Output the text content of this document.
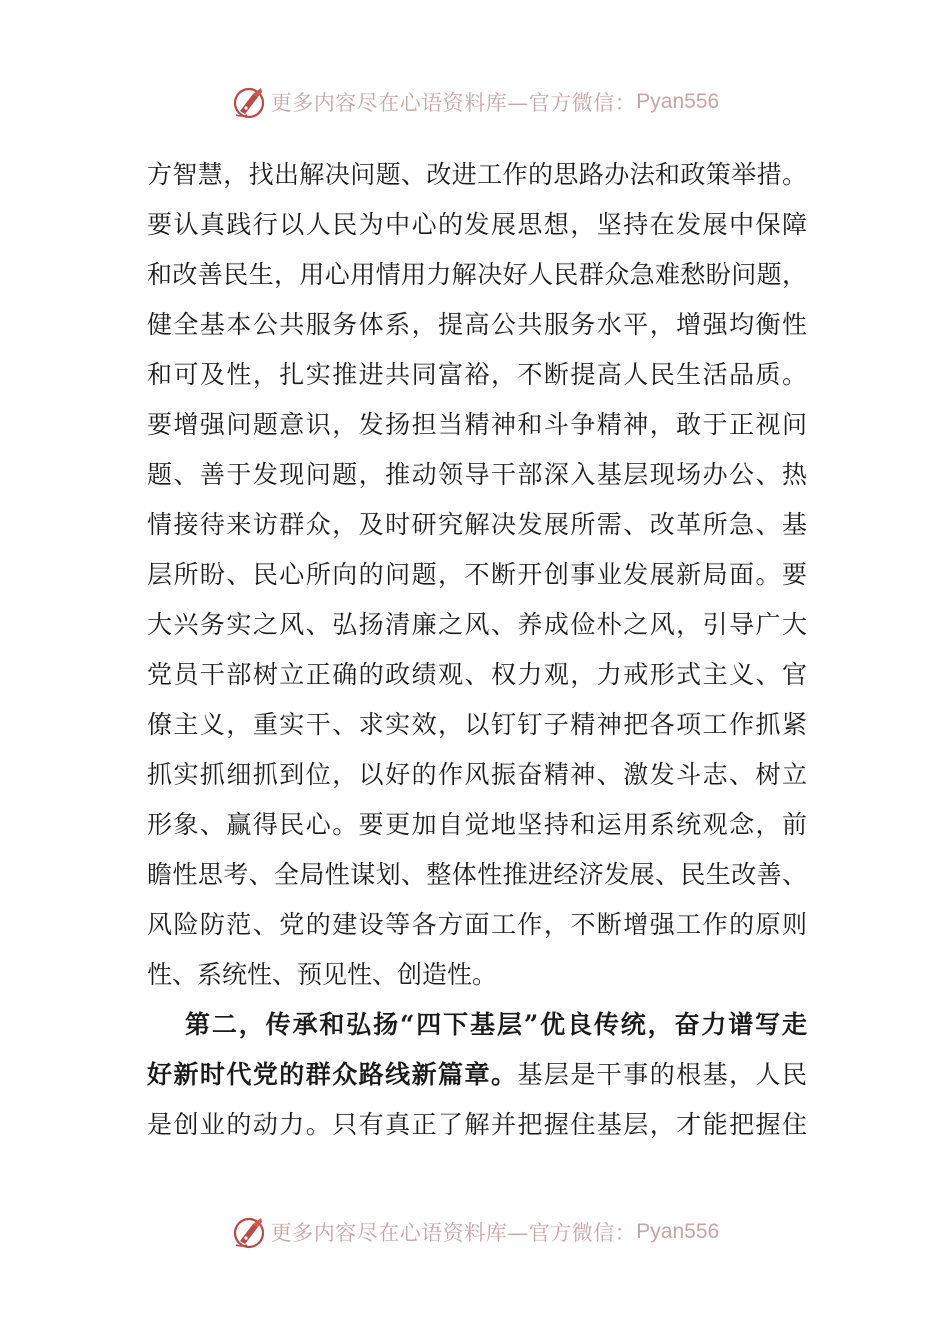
更多内容尽在心语资料库—官方微信： Pyan556
方智慧，找出解决问题、改进工作的思路办法和政策举措。
要认真践行以人民为中心的发展思想，坚持在发展中保障
和改善民生，用心用情用力解决好人民群众急难愁盼问题，
健全基本公共服务体系，提高公共服务水平，增强均衡性
和可及性，扎实推进共同富裕，不断提高人民生活品质。
要增强问题意识，发扬担当精神和斗争精神，敢于正视问
题、善于发现问题，推动领导干部深入基层现场办公、热
情接待来访群众，及时研究解决发展所需、改革所急、基
层所盼、民心所向的问题，不断开创事业发展新局面。要
大兴务实之风、弘扬清廉之风、养成俭朴之风，引导广大
党员干部树立正确的政绩观、权力观，力戒形式主义、官
僚主义，重实干、求实效，以钉钉子精神把各项工作抓紧
抓实抓细抓到位，以好的作风振奋精神、激发斗志、树立
形象、赢得民心。要更加自觉地坚持和运用系统观念，前
瞻性思考、全局性谋划、整体性推进经济发展、民生改善、
风险防范、党的建设等各方面工作，不断增强工作的原则
性、系统性、预见性、创造性。
第二，传承和弘扬“四下基层”优良传统，奋力谱写走
好新时代党的群众路线新篇章。基层是干事的根基，人民
是创业的动力。只有真正了解并把握住基层，才能把握住
更多内容尽在心语资料库—官方微信： Pyan556
